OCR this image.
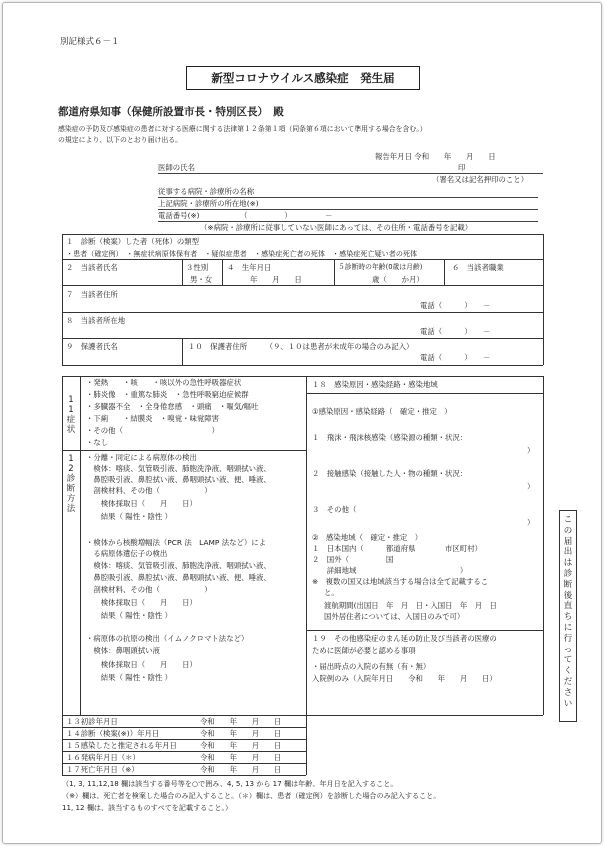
別記様式６－１
新型コロナウイルス感染症　発生届
都道府県知事（保健所設置市長・特別区長）　殿
感染症の予防及び感染症の患者に対する医療に関する法律第１２条第１項（同条第６項において準用する場合を含む。）
の規定により、以下のとおり届け出る。
報告年月日 令和　　年　　月　　日
医師の氏名	印
（署名又は記名押印のこと）
従事する病院・診療所の名称
上記病院・診療所の所在地(※)
電話番号(※)	（　　　　　）　　　　　－
（※病院・診療所に従事していない医師にあっては、その住所・電話番号を記載）
１　診断（検案）した者（死体）の類型
・患者（確定例）　・無症状病原体保有者　・疑似症患者　・感染症死亡者の死体　・感染症死亡疑い者の死体
２　当該者氏名	３性別
男・女
４　生年月日
年　　月　　日
５診断時の年齢(0歳は月齢)
歳（　　か月）
６　当該者職業
７　当該者住所
電話（　　　）　　－
８　当該者所在地
電話（　　　）　　－
９　保護者氏名	１０　保護者住所　　　（９、１０は患者が未成年の場合のみ記入）
電話（　　　）　　－
11症状
・発熱　　・咳　　・咳以外の急性呼吸器症状
・肺炎像　・重篤な肺炎　・急性呼吸窮迫症候群
・多臓器不全　・全身倦怠感　・頭痛　・嘔気/嘔吐
・下痢　　・結膜炎　・嗅覚・味覚障害
・その他（　　　　　　　　　　　　）
・なし
12診断方法
・分離・同定による病原体の検出
　検体：喀痰、気管吸引液、肺胞洗浄液、咽頭拭い液、
　鼻腔吸引液、鼻腔拭い液、鼻咽頭拭い液、便、唾液、
　剖検材料、その他（　　　　　　）
　　検体採取日（　　月　　日）
　　結果（ 陽性・陰性 ）
・検体から核酸増幅法（PCR 法　LAMP 法など）によ
　る病原体遺伝子の検出
　検体：喀痰、気管吸引液、肺胞洗浄液、咽頭拭い液、
　鼻腔吸引液、鼻腔拭い液、鼻咽頭拭い液、便、唾液、
　剖検材料、その他（　　　　　　）
　　検体採取日（　　月　　日）
　　結果（ 陽性・陰性 ）
・病原体の抗原の検出（イムノクロマト法など）
　検体：鼻咽頭拭い液
　　検体採取日（　　月　　日）
　　結果（ 陽性・陰性 ）
１８　感染原因・感染経路・感染地域
①感染原因・感染経路（　確定・推定　）
１　飛沫・飛沫核感染（感染源の種類・状況：
）
２　接触感染（接触した人・物の種類・状況：
）
３　その他（
）
②　感染地域（　確定・推定　）
１　日本国内（　　　都道府県　　　　市区町村）
２　国外（　　　　　国
　　詳細地域　　　　　　　　　　　　　　）
※　複数の国又は地域該当する場合は全て記載するこ
と。
渡航期間(出国日　年　月　日・入国日　年　月　日
国外居住者については、入国日のみで可）
１９　その他感染症のまん延の防止及び当該者の医療の
ために医師が必要と認める事項
・届出時点の入院の有無（有・無）
入院例のみ（入院年月日　　令和　　年　　月　　日）
１３初診年月日	令和　　年　　月　　日
１４診断（検案(※)）年月日	令和　　年　　月　　日
１５感染したと推定される年月日	令和　　年　　月　　日
１６発病年月日（＊）	令和　　年　　月　　日
１７死亡年月日（※）	令和　　年　　月　　日
（1, 3, 11,12,18 欄は該当する番号等を○で囲み、4, 5, 13 から 17 欄は年齢、年月日を記入すること。
（※）欄は、死亡者を検案した場合のみ記入すること。（＊）欄は、患者（確定例）を診断した場合のみ記入すること。
11, 12 欄は、該当するものすべてを記載すること。）
この届出は診断後直ちに行ってください
